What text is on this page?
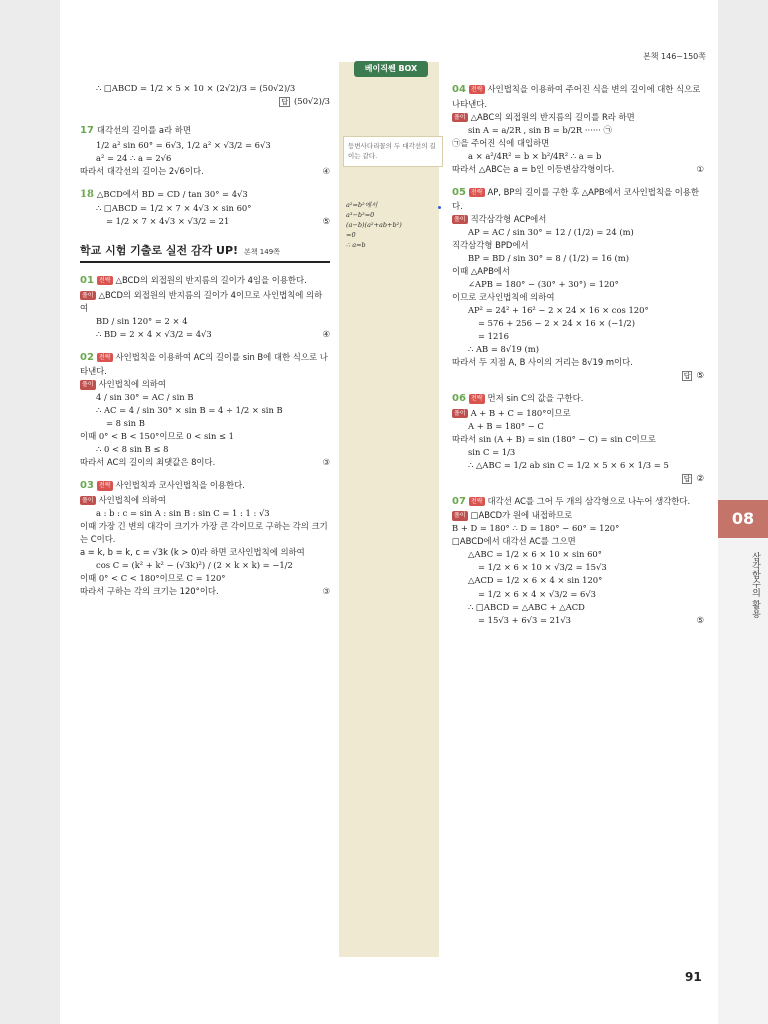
베이직쎈 BOX
본책 146~150쪽
등변사다리꼴의 두 대각선의 길이는 같다.
a²=b²에서
a³−b³=0
(a−b)(a²+ab+b²)
=0
∴ a=b
08
삼각함수의 활용

∴ □ABCD = 1/2 × 5 × 10 × (2√2)/3 = (50√2)/3

답 (50√2)/3

17 대각선의 길이를 a라 하면

1/2 a² sin 60° = 6√3, 1/2 a² × √3/2 = 6√3

a² = 24 ∴ a = 2√6

④
따라서 대각선의 길이는 2√6이다.

18 △BCD에서 BD = CD / tan 30° = 4√3

∴ □ABCD = 1/2 × 7 × 4√3 × sin 60°

⑤
= 1/2 × 7 × 4√3 × √3/2 = 21

학교 시험 기출로 실전 감각 UP! 본책 149쪽

01 전략 △BCD의 외접원의 반지름의 길이가 4임을 이용한다.

풀이 △BCD의 외접원의 반지름의 길이가 4이므로 사인법칙에 의하여

BD / sin 120° = 2 × 4

④
∴ BD = 2 × 4 × √3/2 = 4√3

02 전략 사인법칙을 이용하여 AC의 길이를 sin B에 대한 식으로 나타낸다.

풀이 사인법칙에 의하여

4 / sin 30° = AC / sin B

∴ AC = 4 / sin 30° × sin B = 4 ÷ 1/2 × sin B

= 8 sin B

이때 0° < B < 150°이므로 0 < sin ≤ 1

∴ 0 < 8 sin B ≤ 8

③
따라서 AC의 길이의 최댓값은 8이다.

03 전략 사인법칙과 코사인법칙을 이용한다.

풀이 사인법칙에 의하여

a : b : c = sin A : sin B : sin C = 1 : 1 : √3

이때 가장 긴 변의 대각이 크기가 가장 큰 각이므로 구하는 각의 크기는 C이다.

a = k, b = k, c = √3k (k > 0)라 하면 코사인법칙에 의하여

cos C = (k² + k² − (√3k)²) / (2 × k × k) = −1/2

이때 0° < C < 180°이므로 C = 120°

③
따라서 구하는 각의 크기는 120°이다.

04 전략 사인법칙을 이용하여 주어진 식을 변의 길이에 대한 식으로 나타낸다.

풀이 △ABC의 외접원의 반지름의 길이를 R라 하면

sin A = a/2R , sin B = b/2R ······ ㉠

㉠을 주어진 식에 대입하면

a × a²/4R² = b × b²/4R² ∴ a = b

①
따라서 △ABC는 a = b인 이등변삼각형이다.

05 전략 AP, BP의 길이를 구한 후 △APB에서 코사인법칙을 이용한다.

풀이 직각삼각형 ACP에서

AP = AC / sin 30° = 12 / (1/2) = 24 (m)

직각삼각형 BPD에서

BP = BD / sin 30° = 8 / (1/2) = 16 (m)

이때 △APB에서

∠APB = 180° − (30° + 30°) = 120°

이므로 코사인법칙에 의하여

AP² = 24² + 16² − 2 × 24 × 16 × cos 120°

= 576 + 256 − 2 × 24 × 16 × (−1/2)

= 1216

∴ AB = 8√19 (m)

따라서 두 지점 A, B 사이의 거리는 8√19 m이다.

답 ⑤

06 전략 먼저 sin C의 값을 구한다.

풀이 A + B + C = 180°이므로

A + B = 180° − C

따라서 sin (A + B) = sin (180° − C) = sin C이므로

sin C = 1/3

∴ △ABC = 1/2 ab sin C = 1/2 × 5 × 6 × 1/3 = 5

답 ②

07 전략 대각선 AC를 그어 두 개의 삼각형으로 나누어 생각한다.

풀이 □ABCD가 원에 내접하므로

B + D = 180° ∴ D = 180° − 60° = 120°

□ABCD에서 대각선 AC를 그으면

△ABC = 1/2 × 6 × 10 × sin 60°

= 1/2 × 6 × 10 × √3/2 = 15√3

△ACD = 1/2 × 6 × 4 × sin 120°

= 1/2 × 6 × 4 × √3/2 = 6√3

∴ □ABCD = △ABC + △ACD

⑤
= 15√3 + 6√3 = 21√3

91
